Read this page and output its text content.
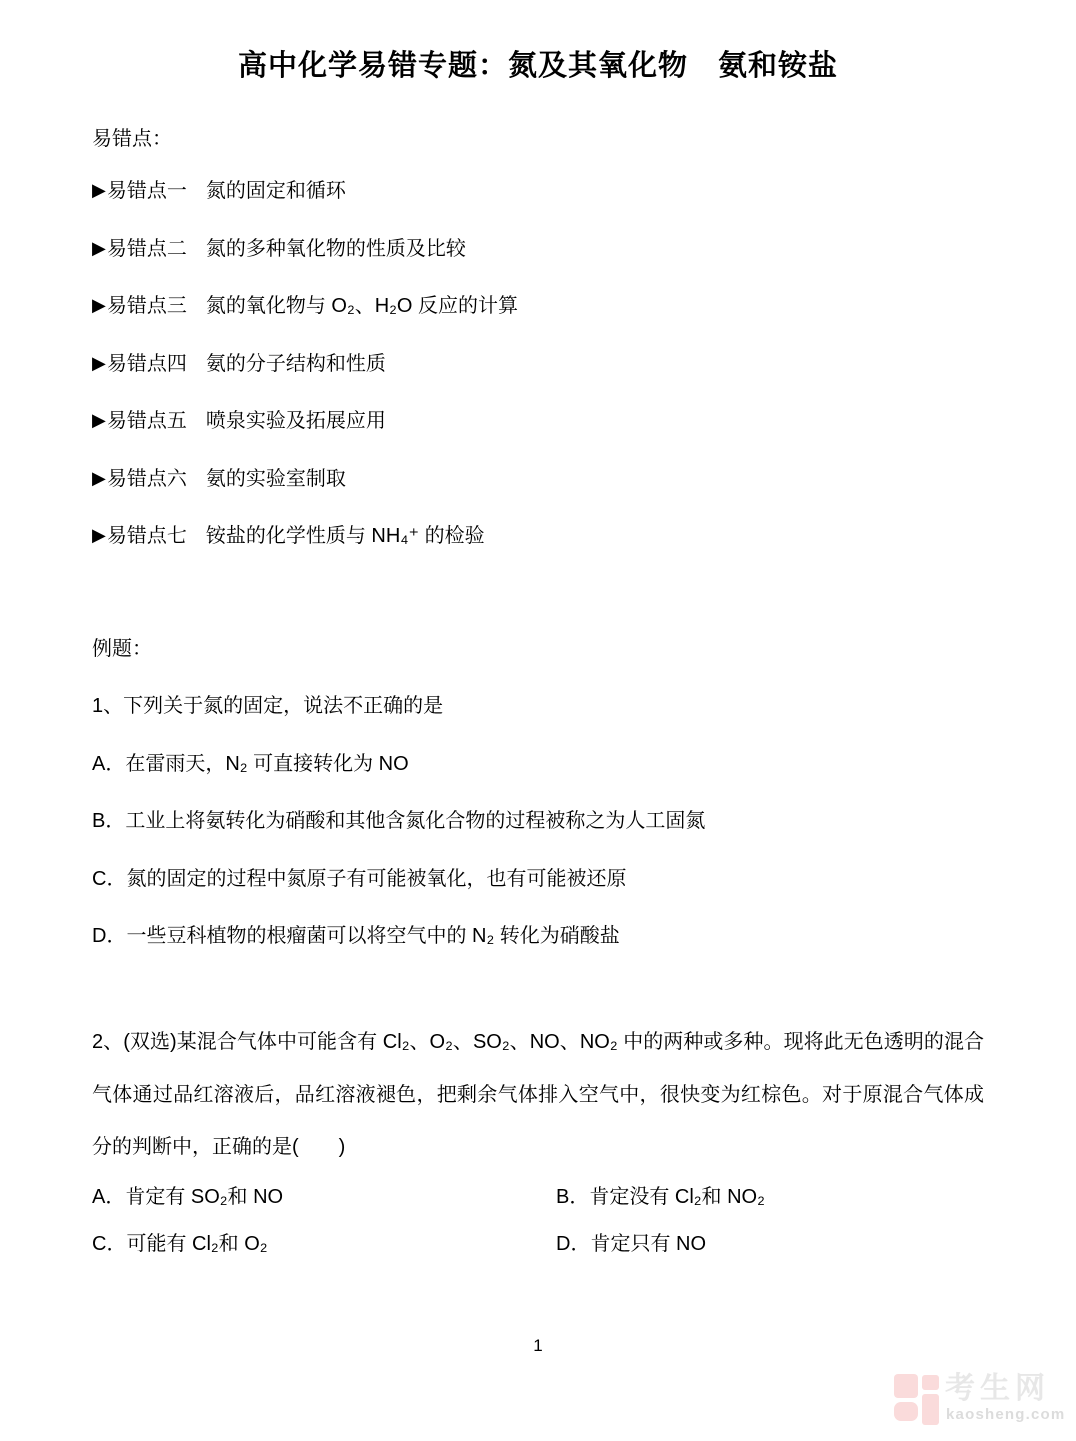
高中化学易错专题：氮及其氧化物　氨和铵盐
易错点：
▶易错点一 氮的固定和循环
▶易错点二 氮的多种氧化物的性质及比较
▶易错点三 氮的氧化物与 O₂、H₂O 反应的计算
▶易错点四 氨的分子结构和性质
▶易错点五 喷泉实验及拓展应用
▶易错点六 氨的实验室制取
▶易错点七 铵盐的化学性质与 NH₄⁺ 的检验
例题：
1、下列关于氮的固定，说法不正确的是
A．在雷雨天，N₂ 可直接转化为 NO
B．工业上将氨转化为硝酸和其他含氮化合物的过程被称之为人工固氮
C．氮的固定的过程中氮原子有可能被氧化，也有可能被还原
D．一些豆科植物的根瘤菌可以将空气中的 N₂ 转化为硝酸盐
2、(双选)某混合气体中可能含有 Cl₂、O₂、SO₂、NO、NO₂ 中的两种或多种。现将此无色透明的混合气体通过品红溶液后，品红溶液褪色，把剩余气体排入空气中，很快变为红棕色。对于原混合气体成分的判断中，正确的是(　　)
A．肯定有 SO₂和 NO	B．肯定没有 Cl₂和 NO₂
C．可能有 Cl₂和 O₂	D．肯定只有 NO
1
考生网
kaosheng.com
